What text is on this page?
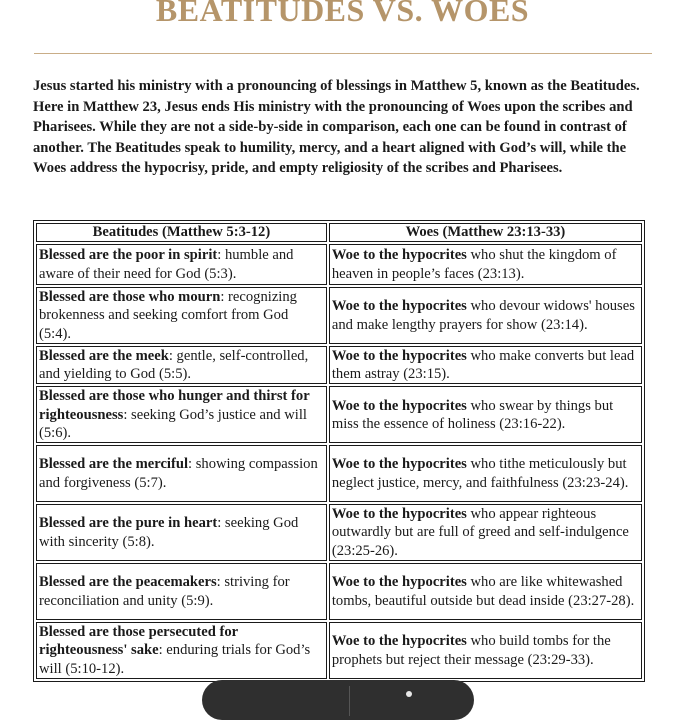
BEATITUDES VS. WOES

Jesus started his ministry with a pronouncing of blessings in Matthew 5, known as the Beatitudes. Here in Matthew 23, Jesus ends His ministry with the pronouncing of Woes upon the scribes and Pharisees. While they are not a side-by-side in comparison, each one can be found in contrast of another. The Beatitudes speak to humility, mercy, and a heart aligned with God’s will, while the Woes address the hypocrisy, pride, and empty religiosity of the scribes and Pharisees.

Beatitudes (Matthew 5:3-12)	Woes (Matthew 23:13-33)
Blessed are the poor in spirit: humble and aware of their need for God (5:3).	Woe to the hypocrites who shut the kingdom of heaven in people’s faces (23:13).
Blessed are those who mourn: recognizing brokenness and seeking comfort from God (5:4).	Woe to the hypocrites who devour widows' houses and make lengthy prayers for show (23:14).
Blessed are the meek: gentle, self-controlled, and yielding to God (5:5).	Woe to the hypocrites who make converts but lead them astray (23:15).
Blessed are those who hunger and thirst for righteousness: seeking God’s justice and will (5:6).	Woe to the hypocrites who swear by things but miss the essence of holiness (23:16-22).
Blessed are the merciful: showing compassion and forgiveness (5:7).	Woe to the hypocrites who tithe meticulously but neglect justice, mercy, and faithfulness (23:23-24).
Blessed are the pure in heart: seeking God with sincerity (5:8).	Woe to the hypocrites who appear righteous outwardly but are full of greed and self-indulgence (23:25-26).
Blessed are the peacemakers: striving for reconciliation and unity (5:9).	Woe to the hypocrites who are like whitewashed tombs, beautiful outside but dead inside (23:27-28).
Blessed are those persecuted for righteousness' sake: enduring trials for God’s will (5:10-12).	Woe to the hypocrites who build tombs for the prophets but reject their message (23:29-33).
